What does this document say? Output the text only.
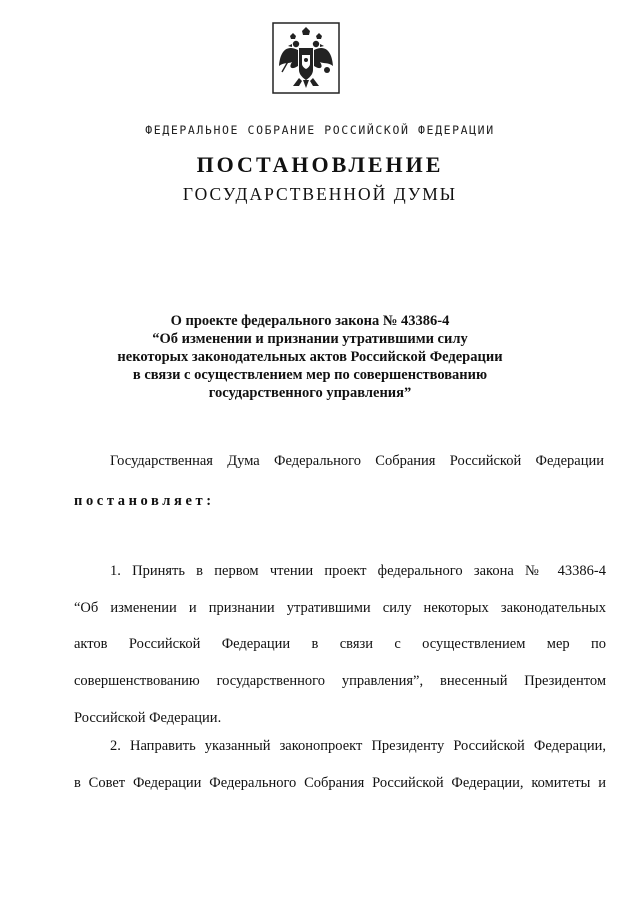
ФЕДЕРАЛЬНОЕ СОБРАНИЕ РОССИЙСКОЙ ФЕДЕРАЦИИ
ПОСТАНОВЛЕНИЕ
ГОСУДАРСТВЕННОЙ ДУМЫ
О проекте федерального закона № 43386-4
“Об изменении и признании утратившими силу
некоторых законодательных актов Российской Федерации
в связи с осуществлением мер по совершенствованию
государственного управления”
Государственная Дума Федерального Собрания Российской Федерации
постановляет:
1. Принять в первом чтении проект федерального закона № 43386-4
“Об изменении и признании утратившими силу некоторых законодательных
актов Российской Федерации в связи с осуществлением мер по
совершенствованию государственного управления”, внесенный Президентом
Российской Федерации.
2. Направить указанный законопроект Президенту Российской Федерации,
в Совет Федерации Федерального Собрания Российской Федерации, комитеты и
